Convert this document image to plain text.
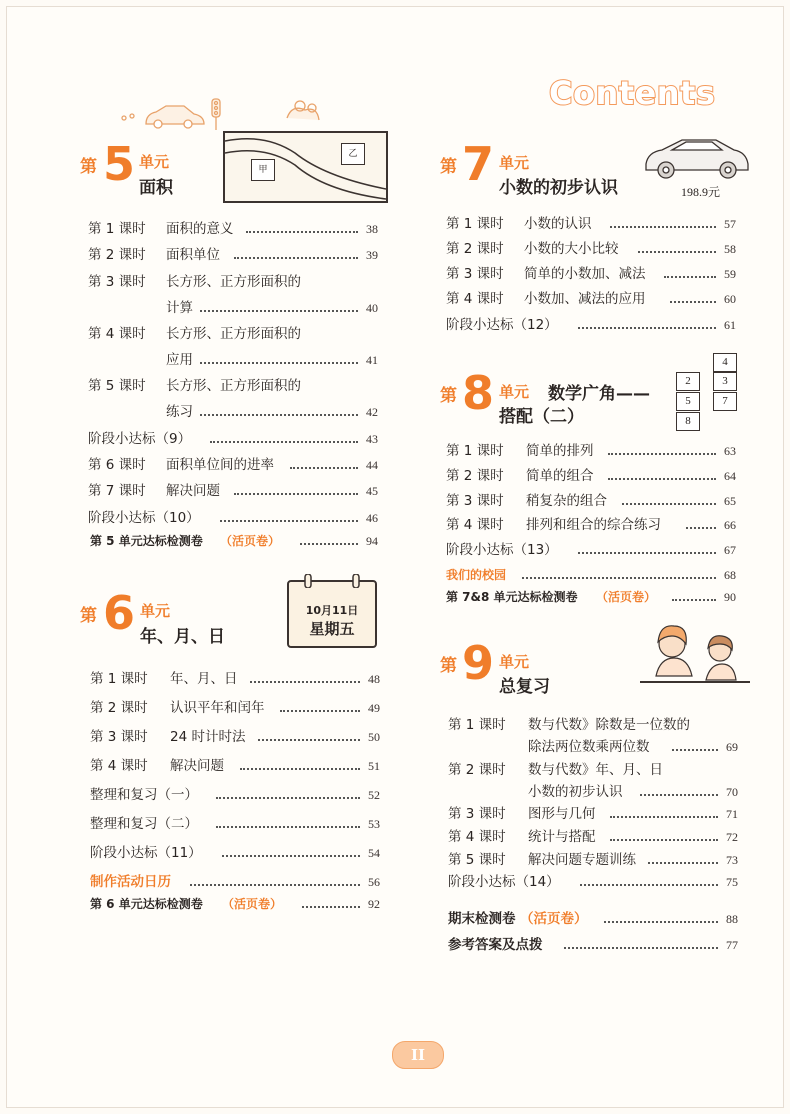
Contents
第 5 单元
面积
甲
乙
第 1 课时 面积的意义	38
第 2 课时 面积单位	39
第 3 课时 长方形、正方形面积的
计算	40
第 4 课时 长方形、正方形面积的
应用	41
第 5 课时 长方形、正方形面积的
练习	42
阶段小达标（9）	43
第 6 课时 面积单位间的进率	44
第 7 课时 解决问题	45
阶段小达标（10）	46
第 5 单元达标检测卷 （活页卷）	94
第 6 单元
年、月、日
10月11日
星期五
第 1 课时 年、月、日	48
第 2 课时 认识平年和闰年	49
第 3 课时 24 时计时法	50
第 4 课时 解决问题	51
整理和复习（一）	52
整理和复习（二）	53
阶段小达标（11）	54
制作活动日历	56
第 6 单元达标检测卷 （活页卷）	92
第 7 单元
小数的初步认识	198.9元
第 1 课时 小数的认识	57
第 2 课时 小数的大小比较	58
第 3 课时 简单的小数加、减法	59
第 4 课时 小数加、减法的应用	60
阶段小达标（12）	61
第 8 单元 数学广角——
搭配（二）
4
2	3
5	7
8
第 1 课时 简单的排列	63
第 2 课时 简单的组合	64
第 3 课时 稍复杂的组合	65
第 4 课时 排列和组合的综合练习	66
阶段小达标（13）	67
我们的校园	68
第 7&8 单元达标检测卷 （活页卷）	90
第 9 单元
总复习
第 1 课时 数与代数》除数是一位数的
除法两位数乘两位数	69
第 2 课时 数与代数》年、月、日
小数的初步认识	70
第 3 课时 图形与几何	71
第 4 课时 统计与搭配	72
第 5 课时 解决问题专题训练	73
阶段小达标（14）	75
期末检测卷 （活页卷）	88
参考答案及点拨	77
II
